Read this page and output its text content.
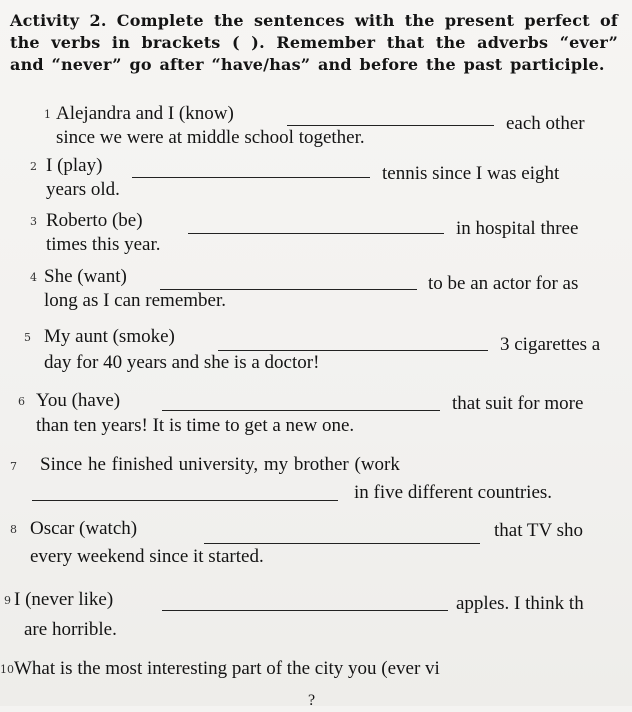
Activity 2. Complete the sentences with the present perfect of the verbs in brackets ( ). Remember that the adverbs “ever” and “never” go after “have/has” and before the past participle.
1 Alejandra and I (know)	each other
since we were at middle school together.
2 I (play)	tennis since I was eight
years old.
3 Roberto (be)	in hospital three
times this year.
4 She (want)	to be an actor for as
long as I can remember.
5 My aunt (smoke)	3 cigarettes a
day for 40 years and she is a doctor!
6 You (have)	that suit for more
than ten years! It is time to get a new one.
7 Since he finished university, my brother (work
in five different countries.
8 Oscar (watch)	that TV sho
every weekend since it started.
9 I (never like)	apples. I think th
are horrible.
10 What is the most interesting part of the city you (ever vi
?
